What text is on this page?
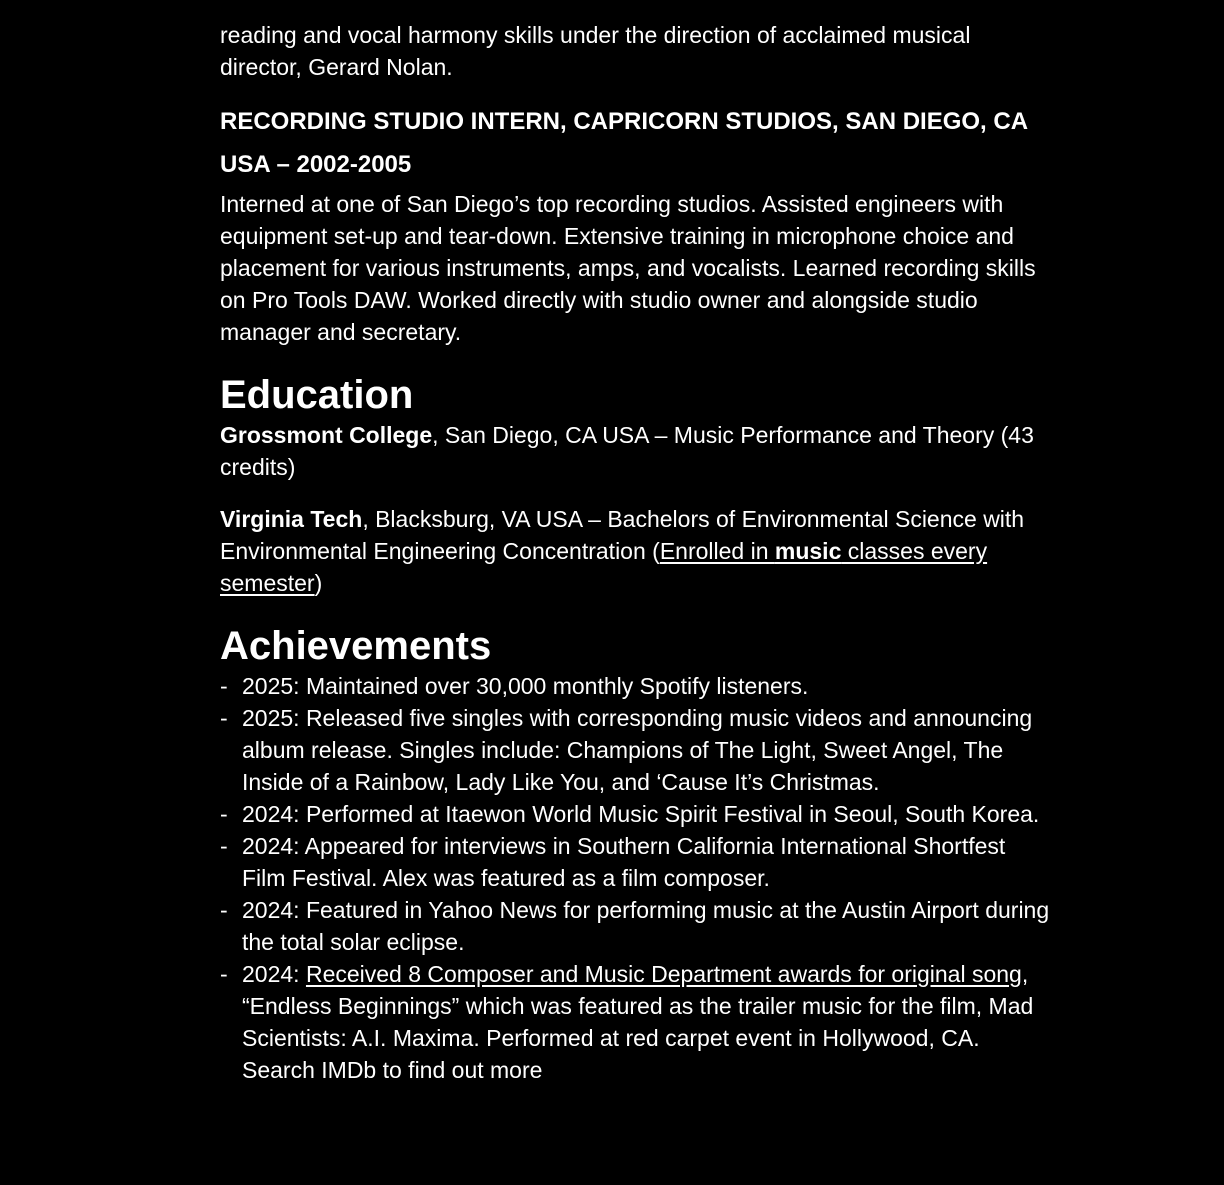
reading and vocal harmony skills under the direction of acclaimed musical director, Gerard Nolan.

RECORDING STUDIO INTERN, CAPRICORN STUDIOS, SAN DIEGO, CA USA – 2002-2005

Interned at one of San Diego’s top recording studios. Assisted engineers with equipment set-up and tear-down. Extensive training in microphone choice and placement for various instruments, amps, and vocalists. Learned recording skills on Pro Tools DAW. Worked directly with studio owner and alongside studio manager and secretary.

Education

Grossmont College, San Diego, CA USA – Music Performance and Theory (43 credits)

Virginia Tech, Blacksburg, VA USA – Bachelors of Environmental Science with Environmental Engineering Concentration (Enrolled in music classes every semester)

Achievements
- 2025: Maintained over 30,000 monthly Spotify listeners.
- 2025: Released five singles with corresponding music videos and announcing album release. Singles include: Champions of The Light, Sweet Angel, The Inside of a Rainbow, Lady Like You, and ‘Cause It’s Christmas.
- 2024: Performed at Itaewon World Music Spirit Festival in Seoul, South Korea.
- 2024: Appeared for interviews in Southern California International Shortfest Film Festival. Alex was featured as a film composer.
- 2024: Featured in Yahoo News for performing music at the Austin Airport during the total solar eclipse.
- 2024: Received 8 Composer and Music Department awards for original song, “Endless Beginnings” which was featured as the trailer music for the film, Mad Scientists: A.I. Maxima. Performed at red carpet event in Hollywood, CA. Search IMDb to find out more
